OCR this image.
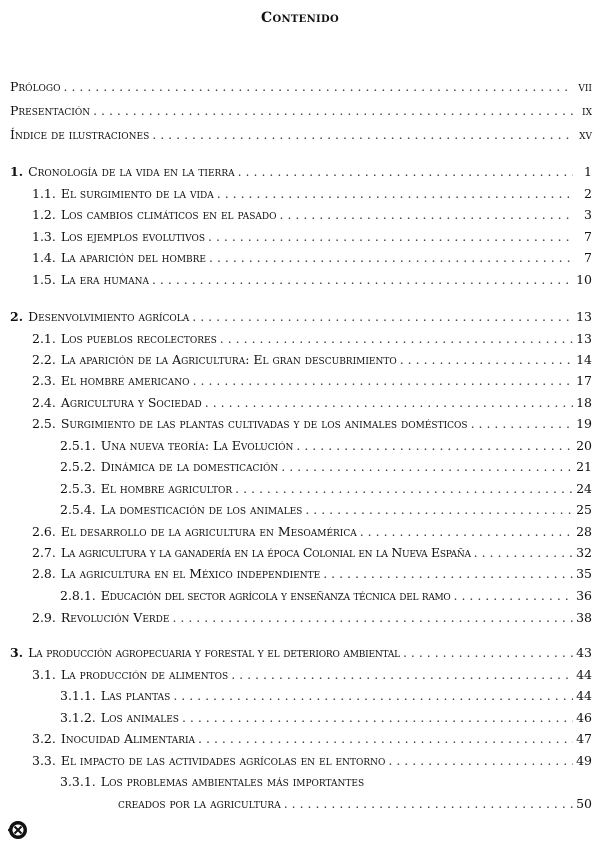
Contenido
Prólogo . . .	vii
Presentación . . .	ix
Índice de ilustraciones . . .	xv
1. Cronología de la vida en la tierra . . .	1
1.1. El surgimiento de la vida . . .	2
1.2. Los cambios climáticos en el pasado . . .	3
1.3. Los ejemplos evolutivos . . .	7
1.4. La aparición del hombre . . .	7
1.5. La era humana . . .	10
2. Desenvolvimiento agrícola . . .	13
2.1. Los pueblos recolectores . . .	13
2.2. La aparición de la Agricultura: El gran descubrimiento . . .	14
2.3. El hombre americano . . .	17
2.4. Agricultura y Sociedad . . .	18
2.5. Surgimiento de las plantas cultivadas y de los animales domésticos . . .	19
2.5.1. Una nueva teoría: La Evolución . . .	20
2.5.2. Dinámica de la domesticación . . .	21
2.5.3. El hombre agricultor . . .	24
2.5.4. La domesticación de los animales . . .	25
2.6. El desarrollo de la agricultura en Mesoamérica . . .	28
2.7. La agricultura y la ganadería en la época Colonial en la Nueva España . . .	32
2.8. La agricultura en el México independiente . . .	35
2.8.1. Educación del sector agrícola y enseñanza técnica del ramo . . .	36
2.9. Revolución Verde . . .	38
3. La producción agropecuaria y forestal y el deterioro ambiental . . .	43
3.1. La producción de alimentos . . .	44
3.1.1. Las plantas . . .	44
3.1.2. Los animales . . .	46
3.2. Inocuidad Alimentaria . . .	47
3.3. El impacto de las actividades agrícolas en el entorno . . .	49
3.3.1. Los problemas ambientales más importantes
creados por la agricultura . . .	50
